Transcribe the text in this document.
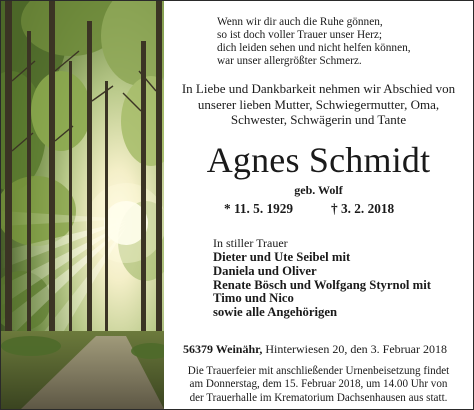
Wenn wir dir auch die Ruhe gönnen,
so ist doch voller Trauer unser Herz;
dich leiden sehen und nicht helfen können,
war unser allergrößter Schmerz.
In Liebe und Dankbarkeit nehmen wir Abschied von
unserer lieben Mutter, Schwiegermutter, Oma,
Schwester, Schwägerin und Tante
Agnes Schmidt
geb. Wolf
* 11. 5. 1929	† 3. 2. 2018
In stiller Trauer
Dieter und Ute Seibel mit
Daniela und Oliver
Renate Bösch und Wolfgang Styrnol mit
Timo und Nico
sowie alle Angehörigen
56379 Weinähr, Hinterwiesen 20, den 3. Februar 2018
Die Trauerfeier mit anschließender Urnenbeisetzung findet
am Donnerstag, dem 15. Februar 2018, um 14.00 Uhr von
der Trauerhalle im Krematorium Dachsenhausen aus statt.
